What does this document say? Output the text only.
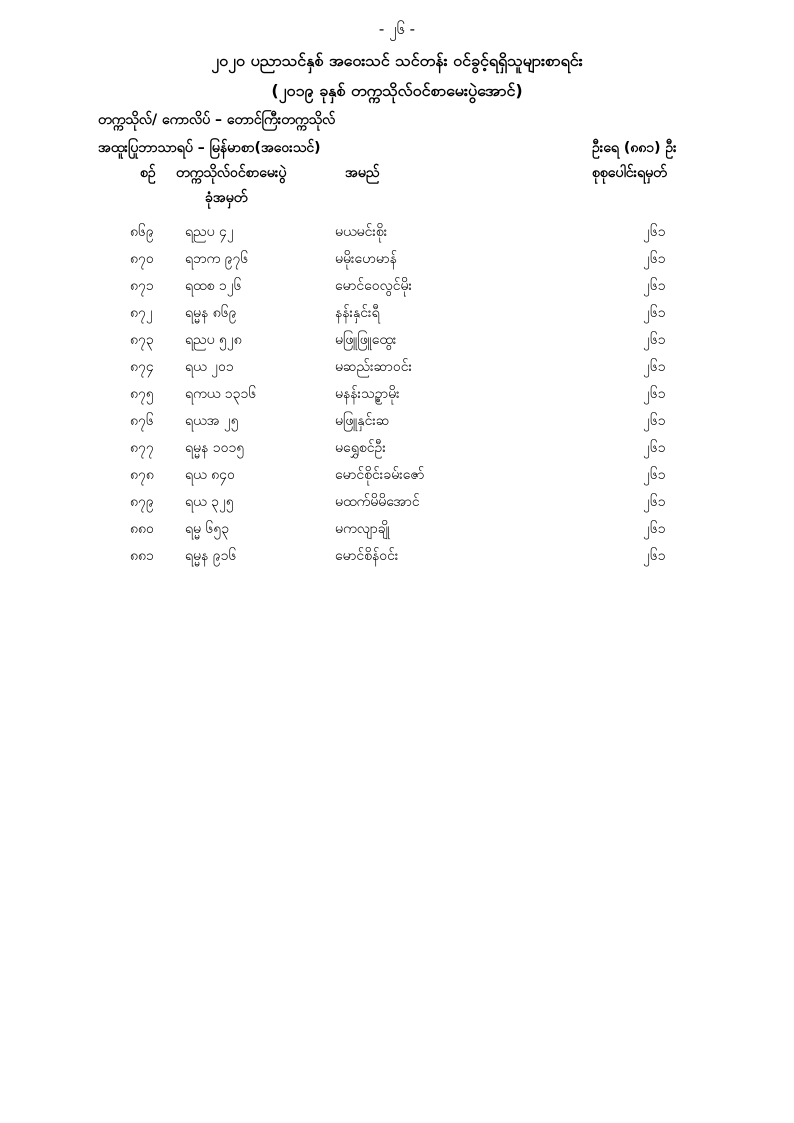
- ၂၆ -
၂၀၂၀ ပညာသင်နှစ် အဝေးသင် သင်တန်း ဝင်ခွင့်ရရှိသူများစာရင်း
(၂၀၁၉ ခုနှစ် တက္ကသိုလ်ဝင်စာမေးပွဲအောင်)
တက္ကသိုလ်/ ကောလိပ် – တောင်ကြီးတက္ကသိုလ်
အထူးပြုဘာသာရပ် – မြန်မာစာ(အဝေးသင်)	ဦးရေ (၈၈၁) ဦး
စဉ် တက္ကသိုလ်ဝင်စာမေးပွဲ
ခုံအမှတ်
အမည်	စုစုပေါင်းရမှတ်
၈၆၉ ရညပ ၄၂	မယမင်းစိုး	၂၆၁
၈၇၀ ရဘက ၉၇၆	မမိုးဟေမာန်	၂၆၁
၈၇၁ ရထစ ၁၂၆	မောင်ဝေလွင်မိုး	၂၆၁
၈၇၂ ရမ္မန ၈၆၉	နန်းနှင်းရီ	၂၆၁
၈၇၃ ရညပ ၅၂၈	မဖြူဖြူထွေး	၂၆၁
၈၇၄ ရယ ၂၀၁	မဆည်းဆာဝင်း	၂၆၁
၈၇၅ ရကယ ၁၃၁၆	မနန်းသဥ္စာမိုး	၂၆၁
၈၇၆ ရယအ ၂၅	မဖြူနှင်းဆ	၂၆၁
၈၇၇ ရမ္မန ၁၀၁၅	မရွှေစင်ဦး	၂၆၁
၈၇၈ ရယ ၈၄၀	မောင်စိုင်းခမ်းဇော်	၂၆၁
၈၇၉ ရယ ၃၂၅	မထက်မိမိအောင်	၂၆၁
၈၈၀ ရမ္မ ၆၅၃	မကလျာချို	၂၆၁
၈၈၁ ရမ္မန ၉၁၆	မောင်စိန်ဝင်း	၂၆၁
